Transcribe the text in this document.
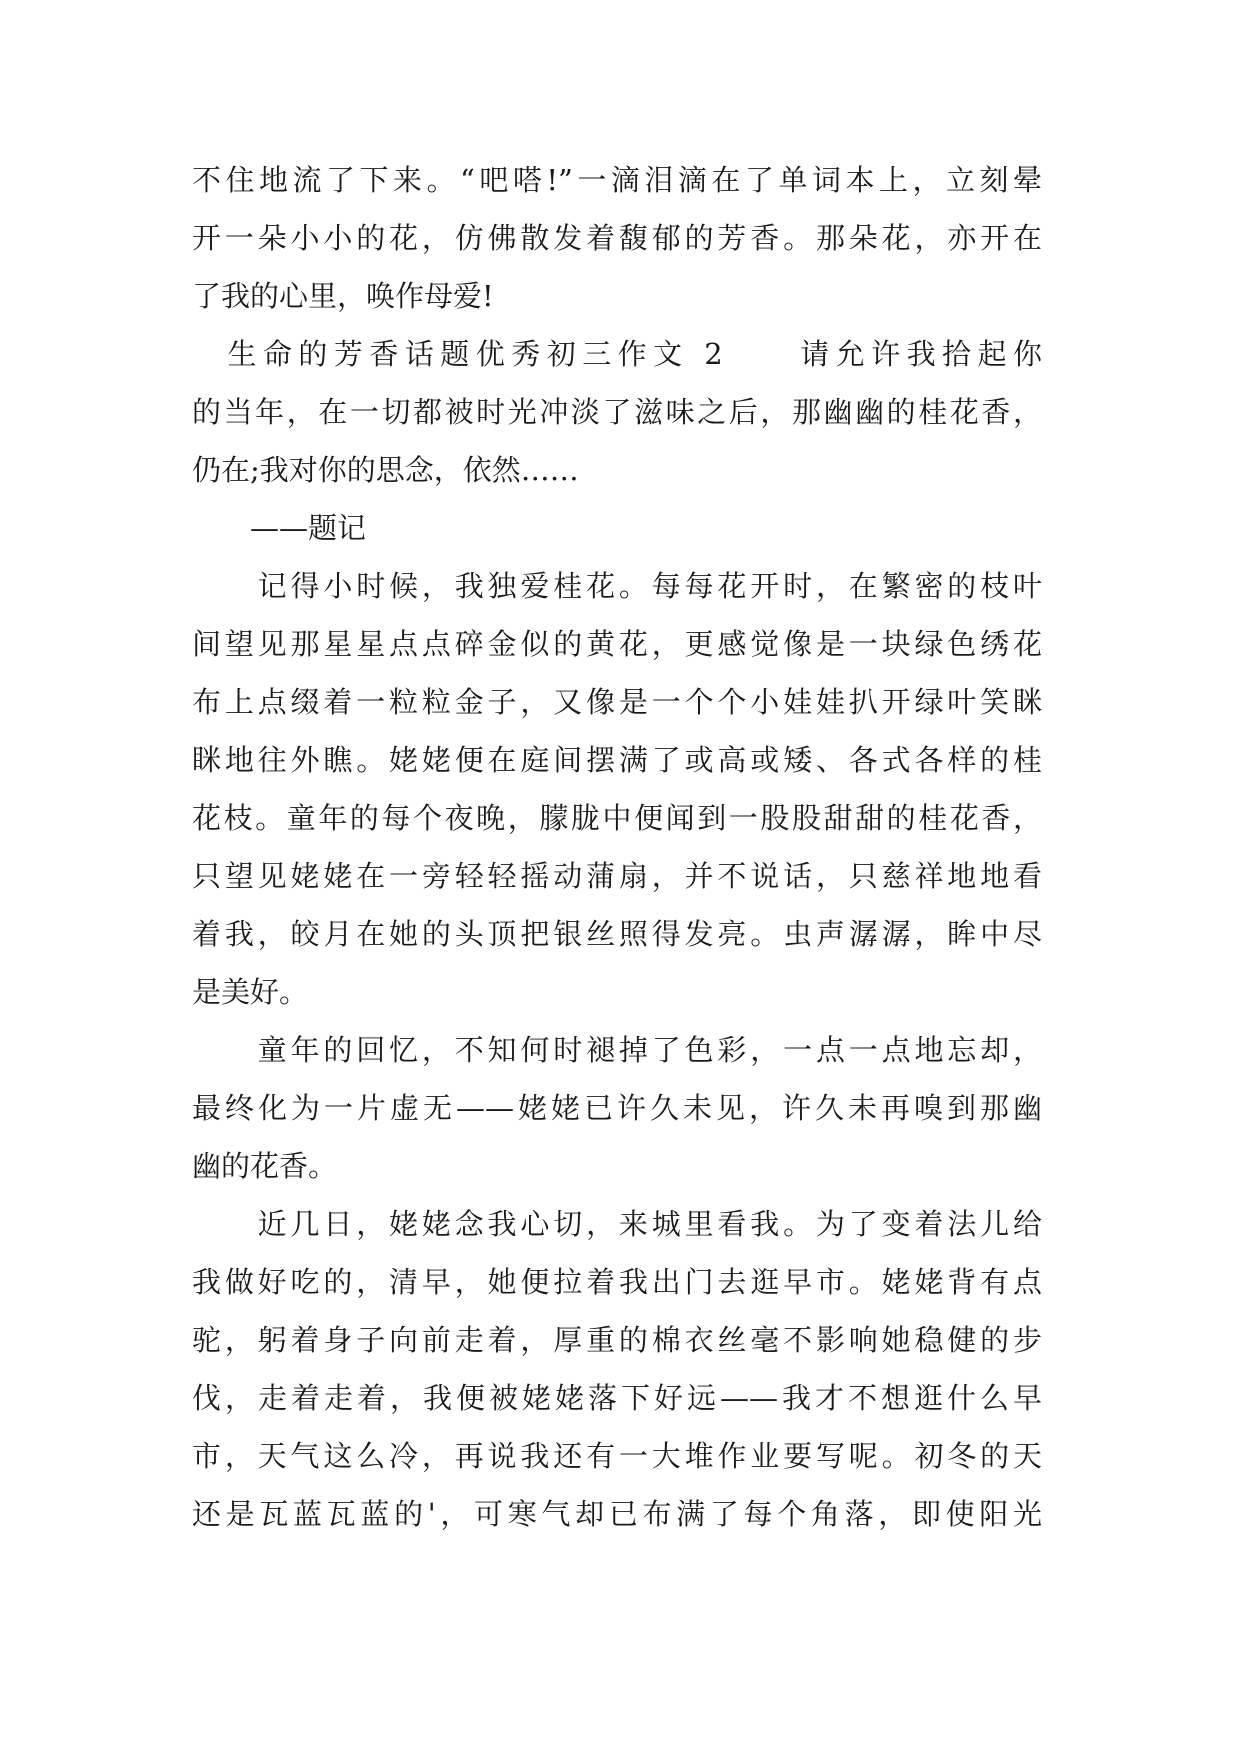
不住地流了下来。“吧嗒!”一滴泪滴在了单词本上，立刻晕
开一朵小小的花，仿佛散发着馥郁的芳香。那朵花，亦开在
了我的心里，唤作母爱!
　生命的芳香话题优秀初三作文 2　　请允许我拾起你
的当年，在一切都被时光冲淡了滋味之后，那幽幽的桂花香，
仍在;我对你的思念，依然……
　　——题记
　　记得小时候，我独爱桂花。每每花开时，在繁密的枝叶
间望见那星星点点碎金似的黄花，更感觉像是一块绿色绣花
布上点缀着一粒粒金子，又像是一个个小娃娃扒开绿叶笑眯
眯地往外瞧。姥姥便在庭间摆满了或高或矮、各式各样的桂
花枝。童年的每个夜晚，朦胧中便闻到一股股甜甜的桂花香，
只望见姥姥在一旁轻轻摇动蒲扇，并不说话，只慈祥地地看
着我，皎月在她的头顶把银丝照得发亮。虫声潺潺，眸中尽
是美好。
　　童年的回忆，不知何时褪掉了色彩，一点一点地忘却，
最终化为一片虚无——姥姥已许久未见，许久未再嗅到那幽
幽的花香。
　　近几日，姥姥念我心切，来城里看我。为了变着法儿给
我做好吃的，清早，她便拉着我出门去逛早市。姥姥背有点
驼，躬着身子向前走着，厚重的棉衣丝毫不影响她稳健的步
伐，走着走着，我便被姥姥落下好远——我才不想逛什么早
市，天气这么冷，再说我还有一大堆作业要写呢。初冬的天
还是瓦蓝瓦蓝的'，可寒气却已布满了每个角落，即使阳光
